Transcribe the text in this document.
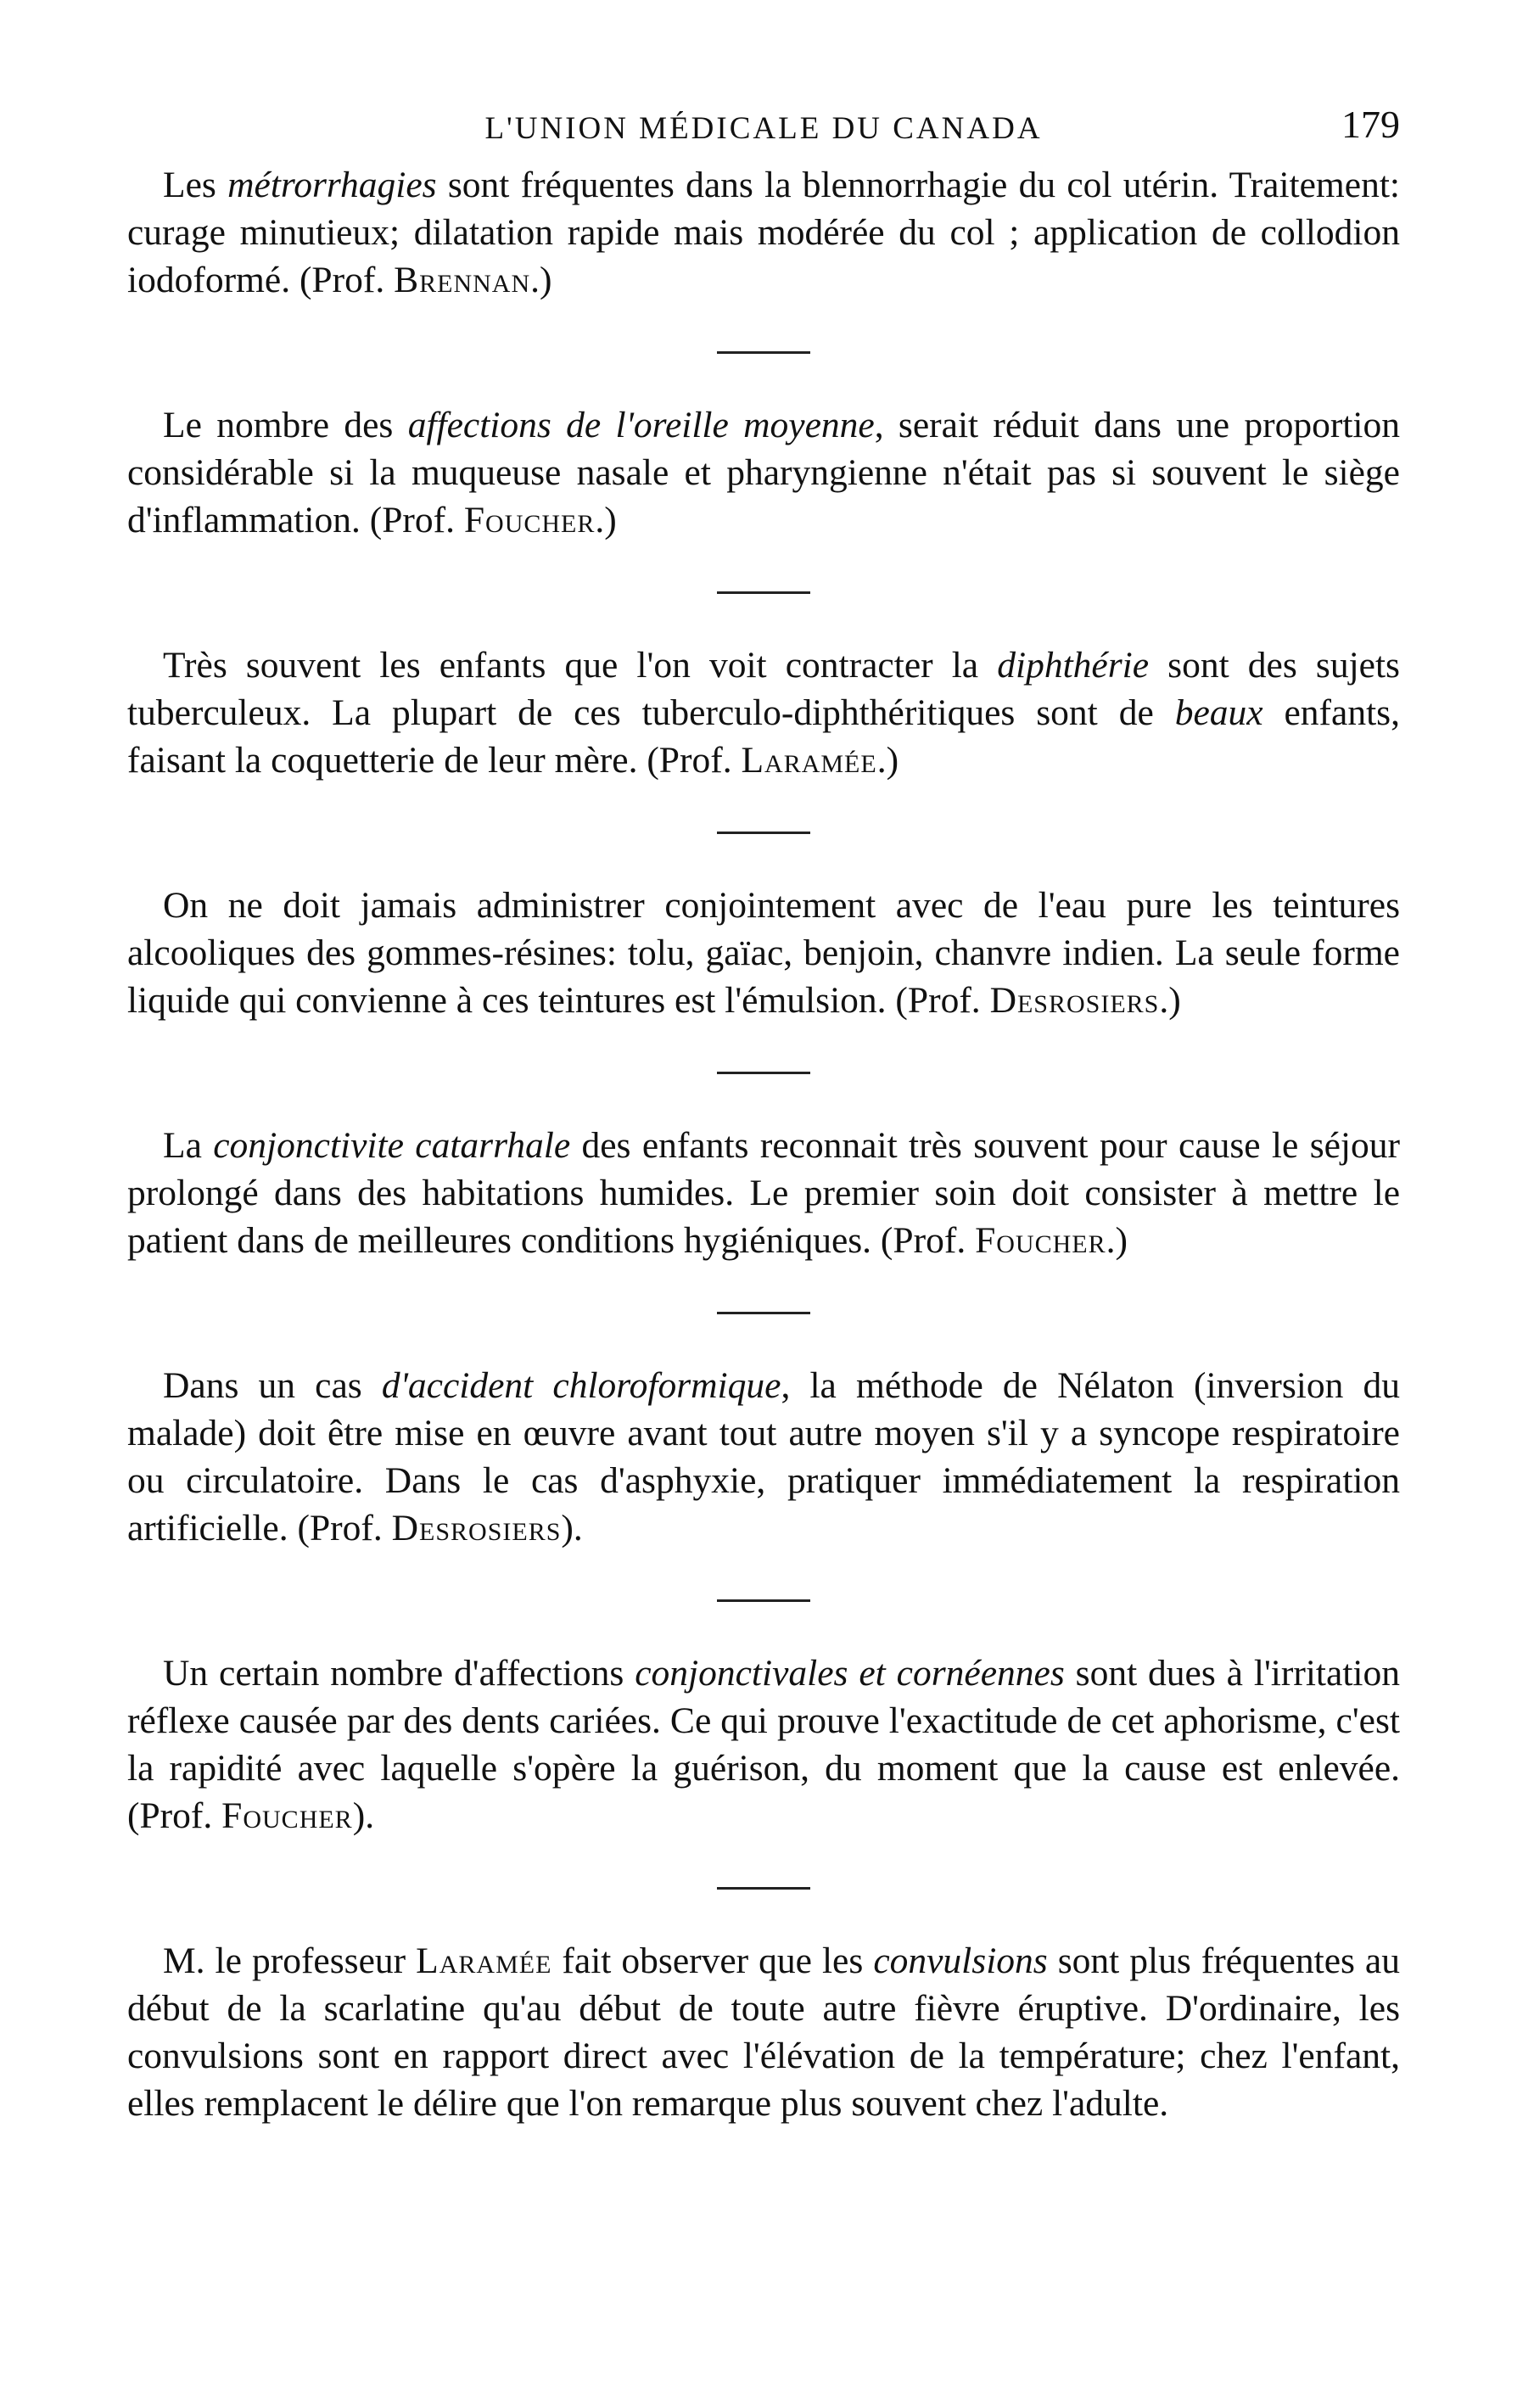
L'UNION MÉDICALE DU CANADA	179

Les métrorrhagies sont fréquentes dans la blennorrhagie du col utérin. Traitement: curage minutieux; dilatation rapide mais modérée du col ; application de collodion iodoformé. (Prof. Brennan.)

Le nombre des affections de l'oreille moyenne, serait réduit dans une proportion considérable si la muqueuse nasale et pharyngienne n'était pas si souvent le siège d'inflammation. (Prof. Foucher.)

Très souvent les enfants que l'on voit contracter la diphthérie sont des sujets tuberculeux. La plupart de ces tuberculo-diphthéritiques sont de beaux enfants, faisant la coquetterie de leur mère. (Prof. Laramée.)

On ne doit jamais administrer conjointement avec de l'eau pure les teintures alcooliques des gommes-résines: tolu, gaïac, benjoin, chanvre indien. La seule forme liquide qui convienne à ces teintures est l'émulsion. (Prof. Desrosiers.)

La conjonctivite catarrhale des enfants reconnait très souvent pour cause le séjour prolongé dans des habitations humides. Le premier soin doit consister à mettre le patient dans de meilleures conditions hygiéniques. (Prof. Foucher.)

Dans un cas d'accident chloroformique, la méthode de Nélaton (inversion du malade) doit être mise en œuvre avant tout autre moyen s'il y a syncope respiratoire ou circulatoire. Dans le cas d'asphyxie, pratiquer immédiatement la respiration artificielle. (Prof. Desrosiers).

Un certain nombre d'affections conjonctivales et cornéennes sont dues à l'irritation réflexe causée par des dents cariées. Ce qui prouve l'exactitude de cet aphorisme, c'est la rapidité avec laquelle s'opère la guérison, du moment que la cause est enlevée. (Prof. Foucher).

M. le professeur Laramée fait observer que les convulsions sont plus fréquentes au début de la scarlatine qu'au début de toute autre fièvre éruptive. D'ordinaire, les convulsions sont en rapport direct avec l'élévation de la température; chez l'enfant, elles remplacent le délire que l'on remarque plus souvent chez l'adulte.
